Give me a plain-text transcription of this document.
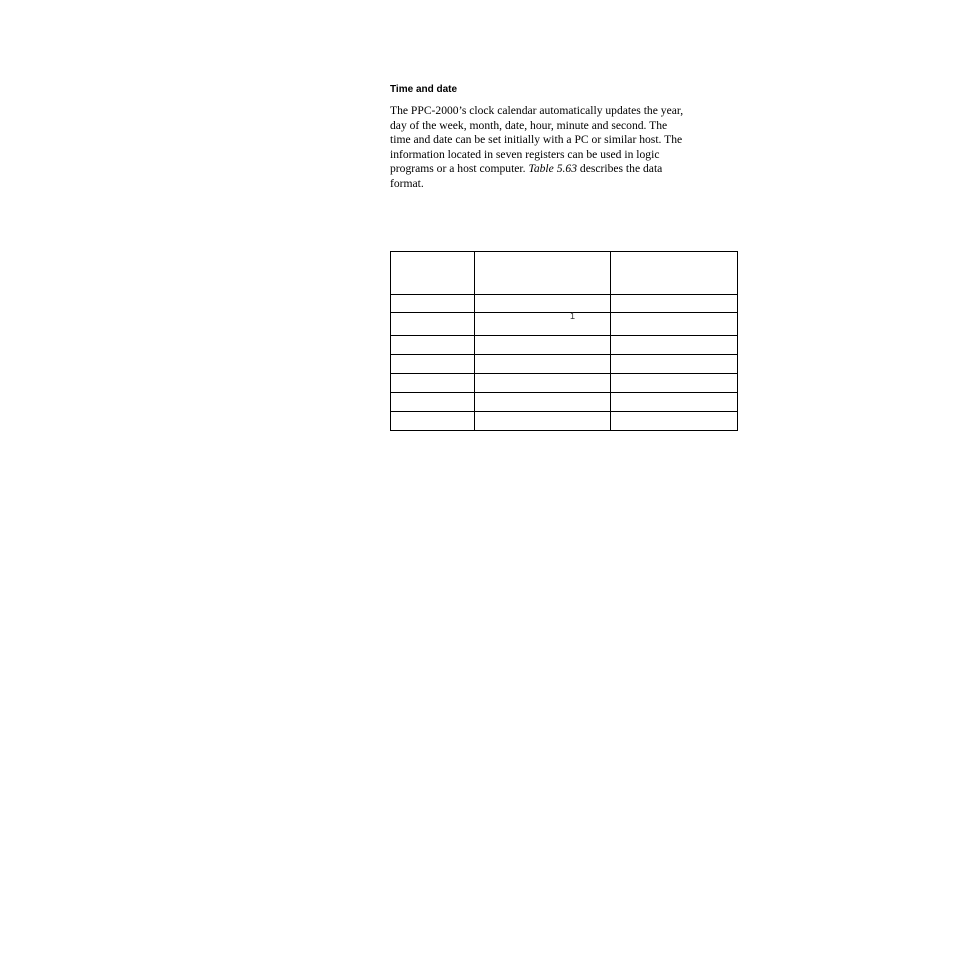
Time and date

The PPC-2000’s clock calendar automatically updates the year,
day of the week, month, date, hour, minute and second. The
time and date can be set initially with a PC or similar host. The
information located in seven registers can be used in logic
programs or a host computer. Table 5.63 describes the data
format.

	1	
